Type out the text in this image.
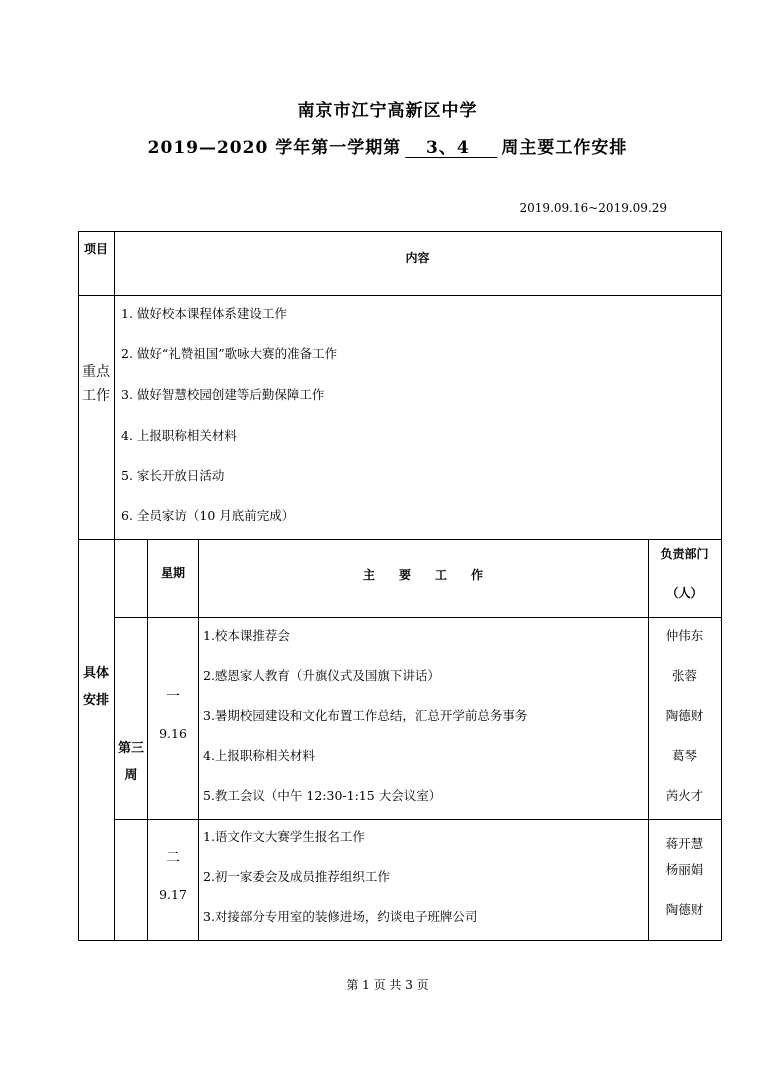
南京市江宁高新区中学
2019—2020 学年第一学期第 3、4 周主要工作安排
2019.09.16~2019.09.29
项目
内容
重点工作
1. 做好校本课程体系建设工作
2. 做好“礼赞祖国”歌咏大赛的准备工作
3. 做好智慧校园创建等后勤保障工作
4. 上报职称相关材料
5. 家长开放日活动
6. 全员家访（10 月底前完成）
具体安排
星期	主　　要　　工　　作
负责部门
（人）
第三周
一
9.16
1.校本课推荐会
2.感恩家人教育（升旗仪式及国旗下讲话）
3.暑期校园建设和文化布置工作总结，汇总开学前总务事务
4.上报职称相关材料
5.教工会议（中午 12:30-1:15 大会议室）
仲伟东
张蓉
陶德财
葛琴
芮火才
二
9.17
1.语文作文大赛学生报名工作
2.初一家委会及成员推荐组织工作
3.对接部分专用室的装修进场，约谈电子班牌公司
蒋开慧
杨丽娟
陶德财
第 1 页 共 3 页
